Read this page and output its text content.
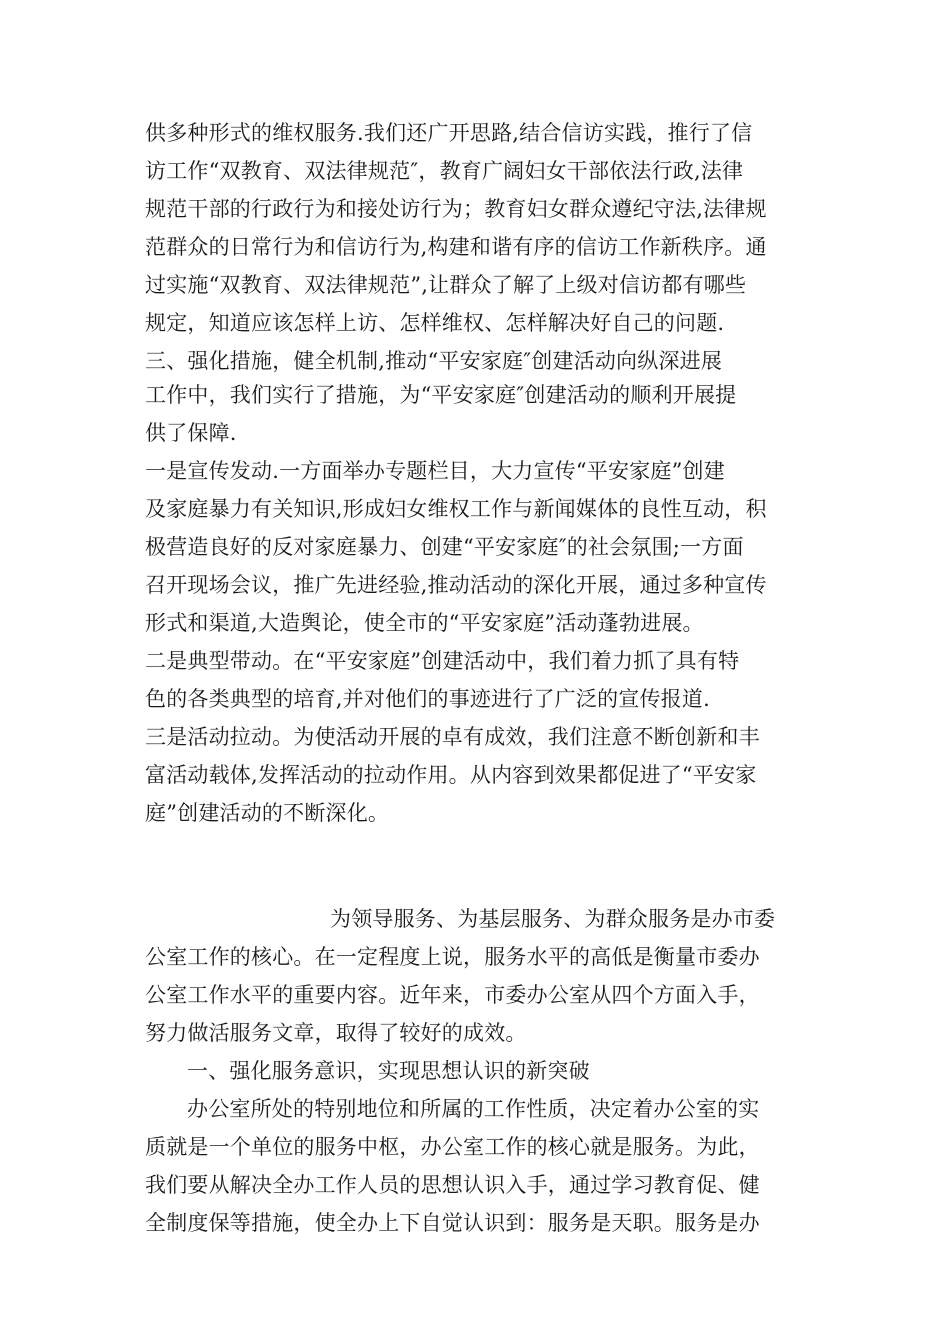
供多种形式的维权服务.我们还广开思路,结合信访实践，推行了信
访工作“双教育、双法律规范″，教育广阔妇女干部依法行政,法律
规范干部的行政行为和接处访行为；教育妇女群众遵纪守法,法律规
范群众的日常行为和信访行为,构建和谐有序的信访工作新秩序。通
过实施“双教育、双法律规范”,让群众了解了上级对信访都有哪些
规定，知道应该怎样上访、怎样维权、怎样解决好自己的问题.
三、强化措施，健全机制,推动“平安家庭″创建活动向纵深进展
工作中，我们实行了措施，为“平安家庭″创建活动的顺利开展提
供了保障.
一是宣传发动.一方面举办专题栏目，大力宣传“平安家庭”创建
及家庭暴力有关知识,形成妇女维权工作与新闻媒体的良性互动，积
极营造良好的反对家庭暴力、创建“平安家庭″的社会氛围;一方面
召开现场会议，推广先进经验,推动活动的深化开展，通过多种宣传
形式和渠道,大造舆论，使全市的“平安家庭”活动蓬勃进展。
二是典型带动。在“平安家庭”创建活动中，我们着力抓了具有特
色的各类典型的培育,并对他们的事迹进行了广泛的宣传报道.
三是活动拉动。为使活动开展的卓有成效，我们注意不断创新和丰
富活动载体,发挥活动的拉动作用。从内容到效果都促进了“平安家
庭”创建活动的不断深化。
为领导服务、为基层服务、为群众服务是办市委
公室工作的核心。在一定程度上说，服务水平的高低是衡量市委办
公室工作水平的重要内容。近年来，市委办公室从四个方面入手，
努力做活服务文章，取得了较好的成效。
一、强化服务意识，实现思想认识的新突破
办公室所处的特别地位和所属的工作性质，决定着办公室的实
质就是一个单位的服务中枢，办公室工作的核心就是服务。为此，
我们要从解决全办工作人员的思想认识入手，通过学习教育促、健
全制度保等措施，使全办上下自觉认识到：服务是天职。服务是办
